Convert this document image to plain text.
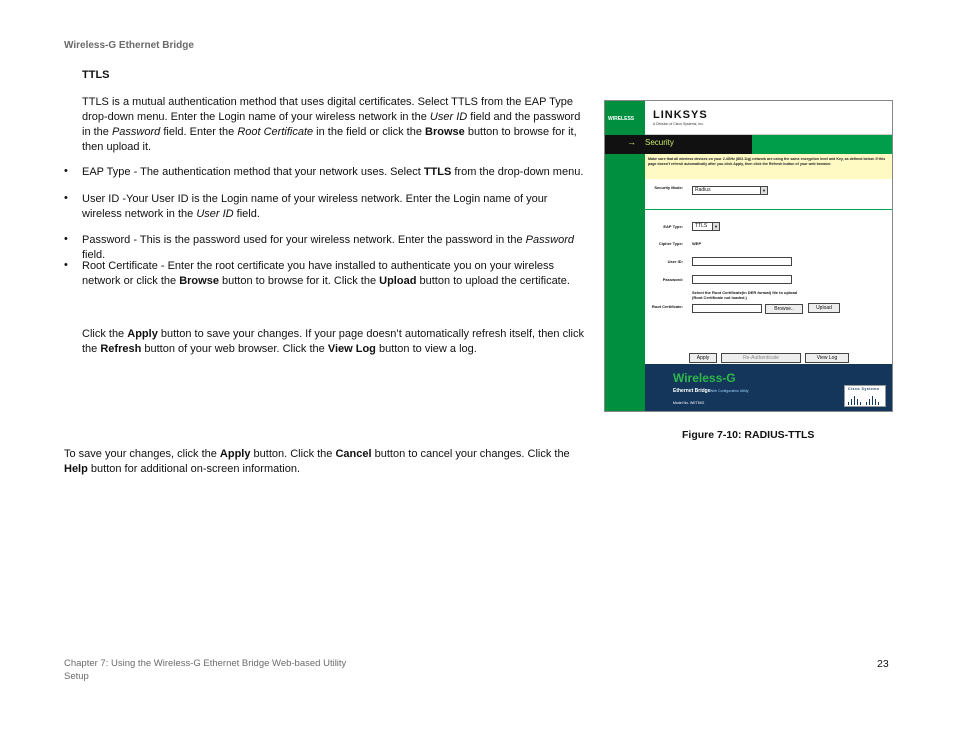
Wireless-G Ethernet Bridge
TTLS
TTLS is a mutual authentication method that uses digital certificates. Select TTLS from the EAP Type drop-down menu. Enter the Login name of your wireless network in the User ID field and the password in the Password field. Enter the Root Certificate in the field or click the Browse button to browse for it, then upload it.
• EAP Type - The authentication method that your network uses. Select TTLS from the drop-down menu.
• User ID -Your User ID is the Login name of your wireless network. Enter the Login name of your wireless network in the User ID field.
• Password - This is the password used for your wireless network. Enter the password in the Password field.
• Root Certificate - Enter the root certificate you have installed to authenticate you on your wireless network or click the Browse button to browse for it. Click the Upload button to upload the certificate.
Click the Apply button to save your changes. If your page doesn’t automatically refresh itself, then click the Refresh button of your web browser. Click the View Log button to view a log.
To save your changes, click the Apply button. Click the Cancel button to cancel your changes. Click the Help button for additional on-screen information.
WIRELESS LINKSYS
A Division of Cisco Systems, Inc.
→ Security
Make sure that all wireless devices on your 2.4GHz (802.11g) network are using the same encryption level and Key, as defined below. If this page doesn't refresh automatically after you click Apply, then click the Refresh button of your web browser.
Security Mode:	Radius	▼
EAP Type:	TTLS	▼
Cipher Type: WEP
User ID:
Password:
Select the Root Certificate(in DER format) file to upload
(Root Certificate not loaded.)
Root Certificate:	Browse..	Upload
Apply	Re-Authenticate	View Log
Wireless-G
Ethernet Bridge Web Configuration Utility
Model No. WET54G
Cisco Systems
Figure 7-10: RADIUS-TTLS
Chapter 7: Using the Wireless-G Ethernet Bridge Web-based Utility
Setup
23
